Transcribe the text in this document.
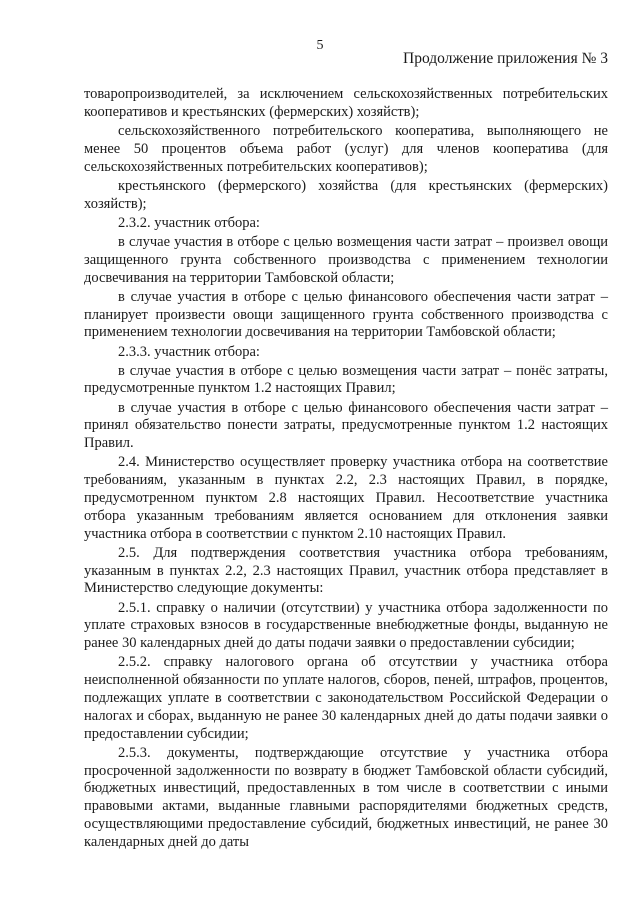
5
Продолжение приложения № 3

товаропроизводителей, за исключением сельскохозяйственных потребительских кооперативов и крестьянских (фермерских) хозяйств);

сельскохозяйственного потребительского кооператива, выполняющего не менее 50 процентов объема работ (услуг) для членов кооператива (для сельскохозяйственных потребительских кооперативов);

крестьянского (фермерского) хозяйства (для крестьянских (фермерских) хозяйств);

2.3.2. участник отбора:

в случае участия в отборе с целью возмещения части затрат – произвел овощи защищенного грунта собственного производства с применением технологии досвечивания на территории Тамбовской области;

в случае участия в отборе с целью финансового обеспечения части затрат – планирует произвести овощи защищенного грунта собственного производства с применением технологии досвечивания на территории Тамбовской области;

2.3.3. участник отбора:

в случае участия в отборе с целью возмещения части затрат – понёс затраты, предусмотренные пунктом 1.2 настоящих Правил;

в случае участия в отборе с целью финансового обеспечения части затрат – принял обязательство понести затраты, предусмотренные пунктом 1.2 настоящих Правил.

2.4. Министерство осуществляет проверку участника отбора на соответствие требованиям, указанным в пунктах 2.2, 2.3 настоящих Правил, в порядке, предусмотренном пунктом 2.8 настоящих Правил. Несоответствие участника отбора указанным требованиям является основанием для отклонения заявки участника отбора в соответствии с пунктом 2.10 настоящих Правил.

2.5. Для подтверждения соответствия участника отбора требованиям, указанным в пунктах 2.2, 2.3 настоящих Правил, участник отбора представляет в Министерство следующие документы:

2.5.1. справку о наличии (отсутствии) у участника отбора задолженности по уплате страховых взносов в государственные внебюджетные фонды, выданную не ранее 30 календарных дней до даты подачи заявки о предоставлении субсидии;

2.5.2. справку налогового органа об отсутствии у участника отбора неисполненной обязанности по уплате налогов, сборов, пеней, штрафов, процентов, подлежащих уплате в соответствии с законодательством Российской Федерации о налогах и сборах, выданную не ранее 30 календарных дней до даты подачи заявки о предоставлении субсидии;

2.5.3. документы, подтверждающие отсутствие у участника отбора просроченной задолженности по возврату в бюджет Тамбовской области субсидий, бюджетных инвестиций, предоставленных в том числе в соответствии с иными правовыми актами, выданные главными распорядителями бюджетных средств, осуществляющими предоставление субсидий, бюджетных инвестиций, не ранее 30 календарных дней до даты
